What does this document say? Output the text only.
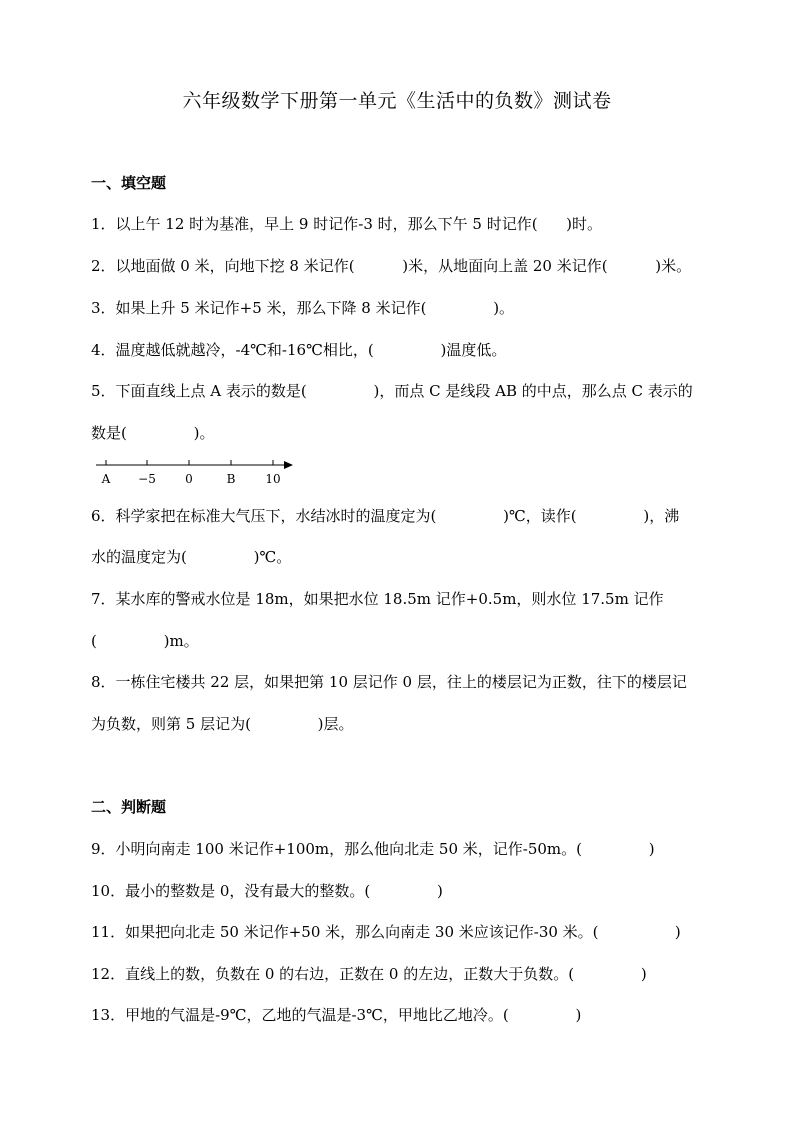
六年级数学下册第一单元《生活中的负数》测试卷
一、填空题
1．以上午 12 时为基准，早上 9 时记作-3 时，那么下午 5 时记作(      )时。
2．以地面做 0 米，向地下挖 8 米记作(          )米，从地面向上盖 20 米记作(          )米。
3．如果上升 5 米记作+5 米，那么下降 8 米记作(              )。
4．温度越低就越冷，-4℃和-16℃相比，(              )温度低。
5．下面直线上点 A 表示的数是(              )，而点 C 是线段 AB 的中点，那么点 C 表示的
数是(              )。
A −5 0	B 10
6．科学家把在标准大气压下，水结冰时的温度定为(              )℃，读作(              )，沸
水的温度定为(              )℃。
7．某水库的警戒水位是 18m，如果把水位 18.5m 记作+0.5m，则水位 17.5m 记作
(              )m。
8．一栋住宅楼共 22 层，如果把第 10 层记作 0 层，往上的楼层记为正数，往下的楼层记
为负数，则第 5 层记为(              )层。
二、判断题
9．小明向南走 100 米记作+100m，那么他向北走 50 米，记作-50m。(              )
10．最小的整数是 0，没有最大的整数。(              )
11．如果把向北走 50 米记作+50 米，那么向南走 30 米应该记作-30 米。(                )
12．直线上的数，负数在 0 的右边，正数在 0 的左边，正数大于负数。(              )
13．甲地的气温是-9℃，乙地的气温是-3℃，甲地比乙地冷。(              )
